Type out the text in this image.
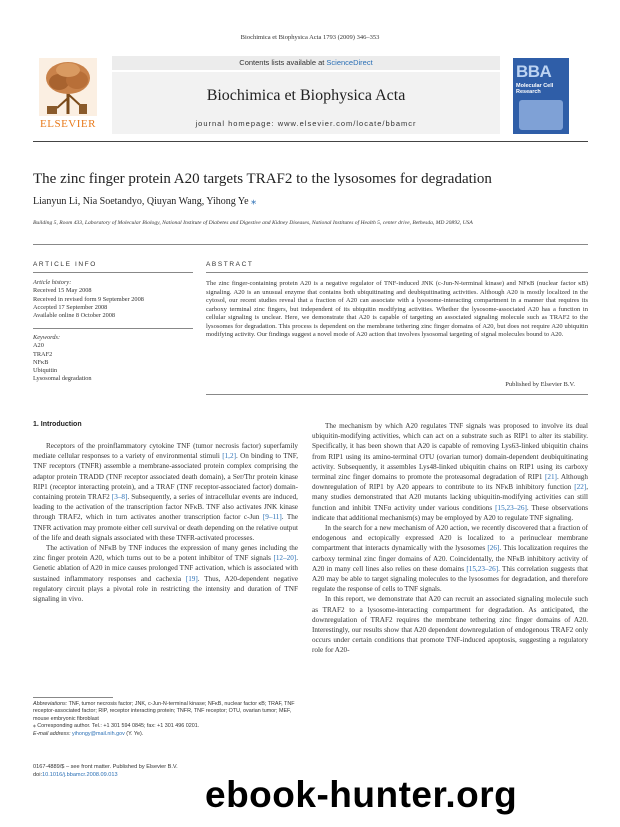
Biochimica et Biophysica Acta 1793 (2009) 346–353
ELSEVIER
Contents lists available at ScienceDirect
Biochimica et Biophysica Acta
journal homepage: www.elsevier.com/locate/bbamcr
BBA
Molecular Cell Research
The zinc finger protein A20 targets TRAF2 to the lysosomes for degradation
Lianyun Li, Nia Soetandyo, Qiuyan Wang, Yihong Ye ⁎
Building 5, Room 433, Laboratory of Molecular Biology, National Institute of Diabetes and Digestive and Kidney Diseases, National Institutes of Health 5, center drive, Bethesda, MD 20892, USA
ARTICLE INFO
Article history:
Received 15 May 2008
Received in revised form 9 September 2008
Accepted 17 September 2008
Available online 8 October 2008
Keywords:
A20
TRAF2
NFκB
Ubiquitin
Lysosomal degradation
ABSTRACT
The zinc finger-containing protein A20 is a negative regulator of TNF-induced JNK (c-Jun-N-terminal kinase) and NFκB (nuclear factor κB) signaling. A20 is an unusual enzyme that contains both ubiquitinating and deubiquitinating activities. Although A20 is mostly localized in the cytosol, our recent studies reveal that a fraction of A20 can associate with a lysosome-interacting compartment in a manner that requires its carboxy terminal zinc fingers, but independent of its ubiquitin modifying activities. Whether the lysosome-associated A20 has a function in cellular signaling is unclear. Here, we demonstrate that A20 is capable of targeting an associated signaling molecule such as TRAF2 to the lysosomes for degradation. This process is dependent on the membrane tethering zinc finger domains of A20, but does not require A20 ubiquitin modifying activity. Our findings suggest a novel mode of A20 action that involves lysosomal targeting of signal molecules bound to A20.
Published by Elsevier B.V.
1. Introduction

Receptors of the proinflammatory cytokine TNF (tumor necrosis factor) superfamily mediate cellular responses to a variety of environmental stimuli [1,2]. On binding to TNF, TNF receptors (TNFR) assemble a membrane-associated protein complex comprising the adaptor protein TRADD (TNF receptor associated death domain), a Ser/Thr protein kinase RIP1 (receptor interacting protein), and a TRAF (TNF receptor-associated factor) domain-containing protein TRAF2 [3–8]. Subsequently, a series of intracellular events are induced, leading to the activation of the transcription factor NFκB. TNF also activates JNK kinase through TRAF2, which in turn activates another transcription factor c-Jun [9–11]. The TNFR activation may promote either cell survival or death depending on the relative output of the life and death signals associated with these TNFR-activated processes.

The activation of NFκB by TNF induces the expression of many genes including the zinc finger protein A20, which turns out to be a potent inhibitor of TNF signals [12–20]. Genetic ablation of A20 in mice causes prolonged TNF activation, which is associated with sustained inflammatory responses and cachexia [19]. Thus, A20-dependent negative regulatory circuit plays a pivotal role in restricting the intensity and duration of TNF signaling in vivo.

The mechanism by which A20 regulates TNF signals was proposed to involve its dual ubiquitin-modifying activities, which can act on a substrate such as RIP1 to alter its stability. Specifically, it has been shown that A20 is capable of removing Lys63-linked ubiquitin chains from RIP1 using its amino-terminal OTU (ovarian tumor) domain-dependent deubiquitinating activity. Subsequently, it assembles Lys48-linked ubiquitin chains on RIP1 using its carboxy terminal zinc finger domains to promote the proteasomal degradation of RIP1 [21]. Although downregulation of RIP1 by A20 appears to contribute to its NFκB inhibitory function [22], many studies demonstrated that A20 mutants lacking ubiquitin-modifying activities can still function and inhibit TNFα activity under various conditions [15,23–26]. These observations indicate that additional mechanism(s) may be employed by A20 to regulate TNF signaling.

In the search for a new mechanism of A20 action, we recently discovered that a fraction of endogenous and ectopically expressed A20 is localized to a perinuclear membrane compartment that interacts dynamically with the lysosomes [26]. This localization requires the carboxy terminal zinc finger domains of A20. Coincidentally, the NFκB inhibitory activity of A20 in many cell lines also relies on these domains [15,23–26]. This correlation suggests that A20 may be able to target signaling molecules to the lysosomes for degradation, and therefore regulate the response of cells to TNF signals.

In this report, we demonstrate that A20 can recruit an associated signaling molecule such as TRAF2 to a lysosome-interacting compartment for degradation. As anticipated, the downregulation of TRAF2 requires the membrane tethering zinc finger domains of A20. Interestingly, our results show that A20 dependent downregulation of endogenous TRAF2 only occurs under certain conditions that promote TNF-induced apoptosis, suggesting a regulatory role for A20-

Abbreviations: TNF, tumor necrosis factor; JNK, c-Jun-N-terminal kinase; NFκB, nuclear factor κB; TRAF, TNF receptor-associated factor; RIP, receptor interacting protein; TNFR, TNF receptor; OTU, ovarian tumor; MEF, mouse embryonic fibroblast
⁎ Corresponding author. Tel.: +1 301 594 0845; fax: +1 301 496 0201.
E-mail address: yihongy@mail.nih.gov (Y. Ye).
0167-4889/$ – see front matter. Published by Elsevier B.V.
doi:10.1016/j.bbamcr.2008.09.013	ebook-hunter.org
